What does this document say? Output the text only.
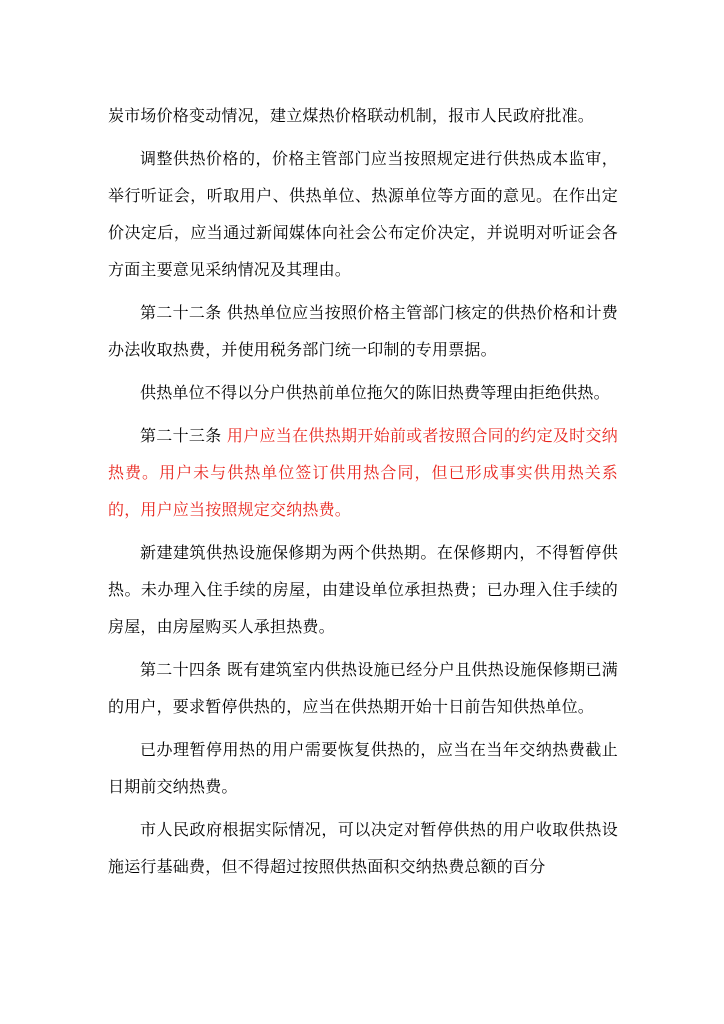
炭市场价格变动情况，建立煤热价格联动机制，报市人民政府批准。

调整供热价格的，价格主管部门应当按照规定进行供热成本监审，举行听证会，听取用户、供热单位、热源单位等方面的意见。在作出定价决定后，应当通过新闻媒体向社会公布定价决定，并说明对听证会各方面主要意见采纳情况及其理由。

第二十二条 供热单位应当按照价格主管部门核定的供热价格和计费办法收取热费，并使用税务部门统一印制的专用票据。

供热单位不得以分户供热前单位拖欠的陈旧热费等理由拒绝供热。

第二十三条 用户应当在供热期开始前或者按照合同的约定及时交纳热费。用户未与供热单位签订供用热合同，但已形成事实供用热关系的，用户应当按照规定交纳热费。

新建建筑供热设施保修期为两个供热期。在保修期内，不得暂停供热。未办理入住手续的房屋，由建设单位承担热费；已办理入住手续的房屋，由房屋购买人承担热费。

第二十四条 既有建筑室内供热设施已经分户且供热设施保修期已满的用户，要求暂停供热的，应当在供热期开始十日前告知供热单位。

已办理暂停用热的用户需要恢复供热的，应当在当年交纳热费截止日期前交纳热费。

市人民政府根据实际情况，可以决定对暂停供热的用户收取供热设施运行基础费，但不得超过按照供热面积交纳热费总额的百分
